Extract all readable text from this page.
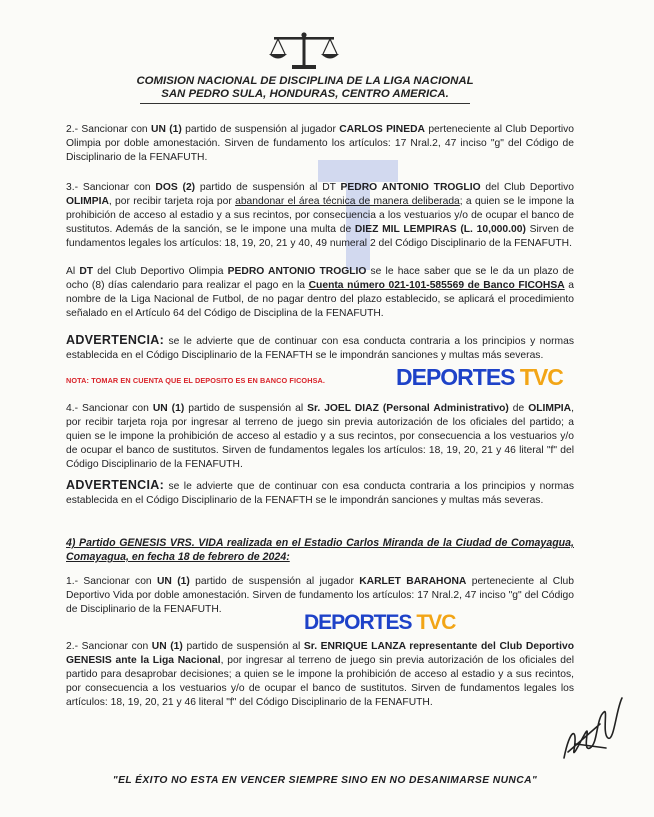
COMISION NACIONAL DE DISCIPLINA DE LA LIGA NACIONAL
SAN PEDRO SULA, HONDURAS, CENTRO AMERICA.
2.- Sancionar con UN (1) partido de suspensión al jugador CARLOS PINEDA perteneciente al Club Deportivo Olimpia por doble amonestación. Sirven de fundamento los artículos: 17 Nral.2, 47 inciso "g" del Código de Disciplinario de la FENAFUTH.
3.- Sancionar con DOS (2) partido de suspensión al DT PEDRO ANTONIO TROGLIO del Club Deportivo OLIMPIA, por recibir tarjeta roja por abandonar el área técnica de manera deliberada; a quien se le impone la prohibición de acceso al estadio y a sus recintos, por consecuencia a los vestuarios y/o de ocupar el banco de sustitutos. Además de la sanción, se le impone una multa de DIEZ MIL LEMPIRAS (L. 10,000.00) Sirven de fundamentos legales los artículos: 18, 19, 20, 21 y 40, 49 numeral 2 del Código Disciplinario de la FENAFUTH.
Al DT del Club Deportivo Olimpia PEDRO ANTONIO TROGLIO se le hace saber que se le da un plazo de ocho (8) días calendario para realizar el pago en la Cuenta número 021-101-585569 de Banco FICOHSA a nombre de la Liga Nacional de Futbol, de no pagar dentro del plazo establecido, se aplicará el procedimiento señalado en el Artículo 64 del Código de Disciplina de la FENAFUTH.
ADVERTENCIA: se le advierte que de continuar con esa conducta contraria a los principios y normas establecida en el Código Disciplinario de la FENAFTH se le impondrán sanciones y multas más severas.
NOTA: TOMAR EN CUENTA QUE EL DEPOSITO ES EN BANCO FICOHSA.	DEPORTES TVC
4.- Sancionar con UN (1) partido de suspensión al Sr. JOEL DIAZ (Personal Administrativo) de OLIMPIA, por recibir tarjeta roja por ingresar al terreno de juego sin previa autorización de los oficiales del partido; a quien se le impone la prohibición de acceso al estadio y a sus recintos, por consecuencia a los vestuarios y/o de ocupar el banco de sustitutos. Sirven de fundamentos legales los artículos: 18, 19, 20, 21 y 46 literal "f" del Código Disciplinario de la FENAFUTH.
ADVERTENCIA: se le advierte que de continuar con esa conducta contraria a los principios y normas establecida en el Código Disciplinario de la FENAFTH se le impondrán sanciones y multas más severas.
4) Partido GENESIS VRS. VIDA realizada en el Estadio Carlos Miranda de la Ciudad de Comayagua, Comayagua, en fecha 18 de febrero de 2024:
1.- Sancionar con UN (1) partido de suspensión al jugador KARLET BARAHONA perteneciente al Club Deportivo Vida por doble amonestación. Sirven de fundamento los artículos: 17 Nral.2, 47 inciso "g" del Código de Disciplinario de la FENAFUTH.
DEPORTES TVC
2.- Sancionar con UN (1) partido de suspensión al Sr. ENRIQUE LANZA representante del Club Deportivo GENESIS ante la Liga Nacional, por ingresar al terreno de juego sin previa autorización de los oficiales del partido para desaprobar decisiones; a quien se le impone la prohibición de acceso al estadio y a sus recintos, por consecuencia a los vestuarios y/o de ocupar el banco de sustitutos. Sirven de fundamentos legales los artículos: 18, 19, 20, 21 y 46 literal "f" del Código Disciplinario de la FENAFUTH.
"EL ÉXITO NO ESTA EN VENCER SIEMPRE SINO EN NO DESANIMARSE NUNCA"
